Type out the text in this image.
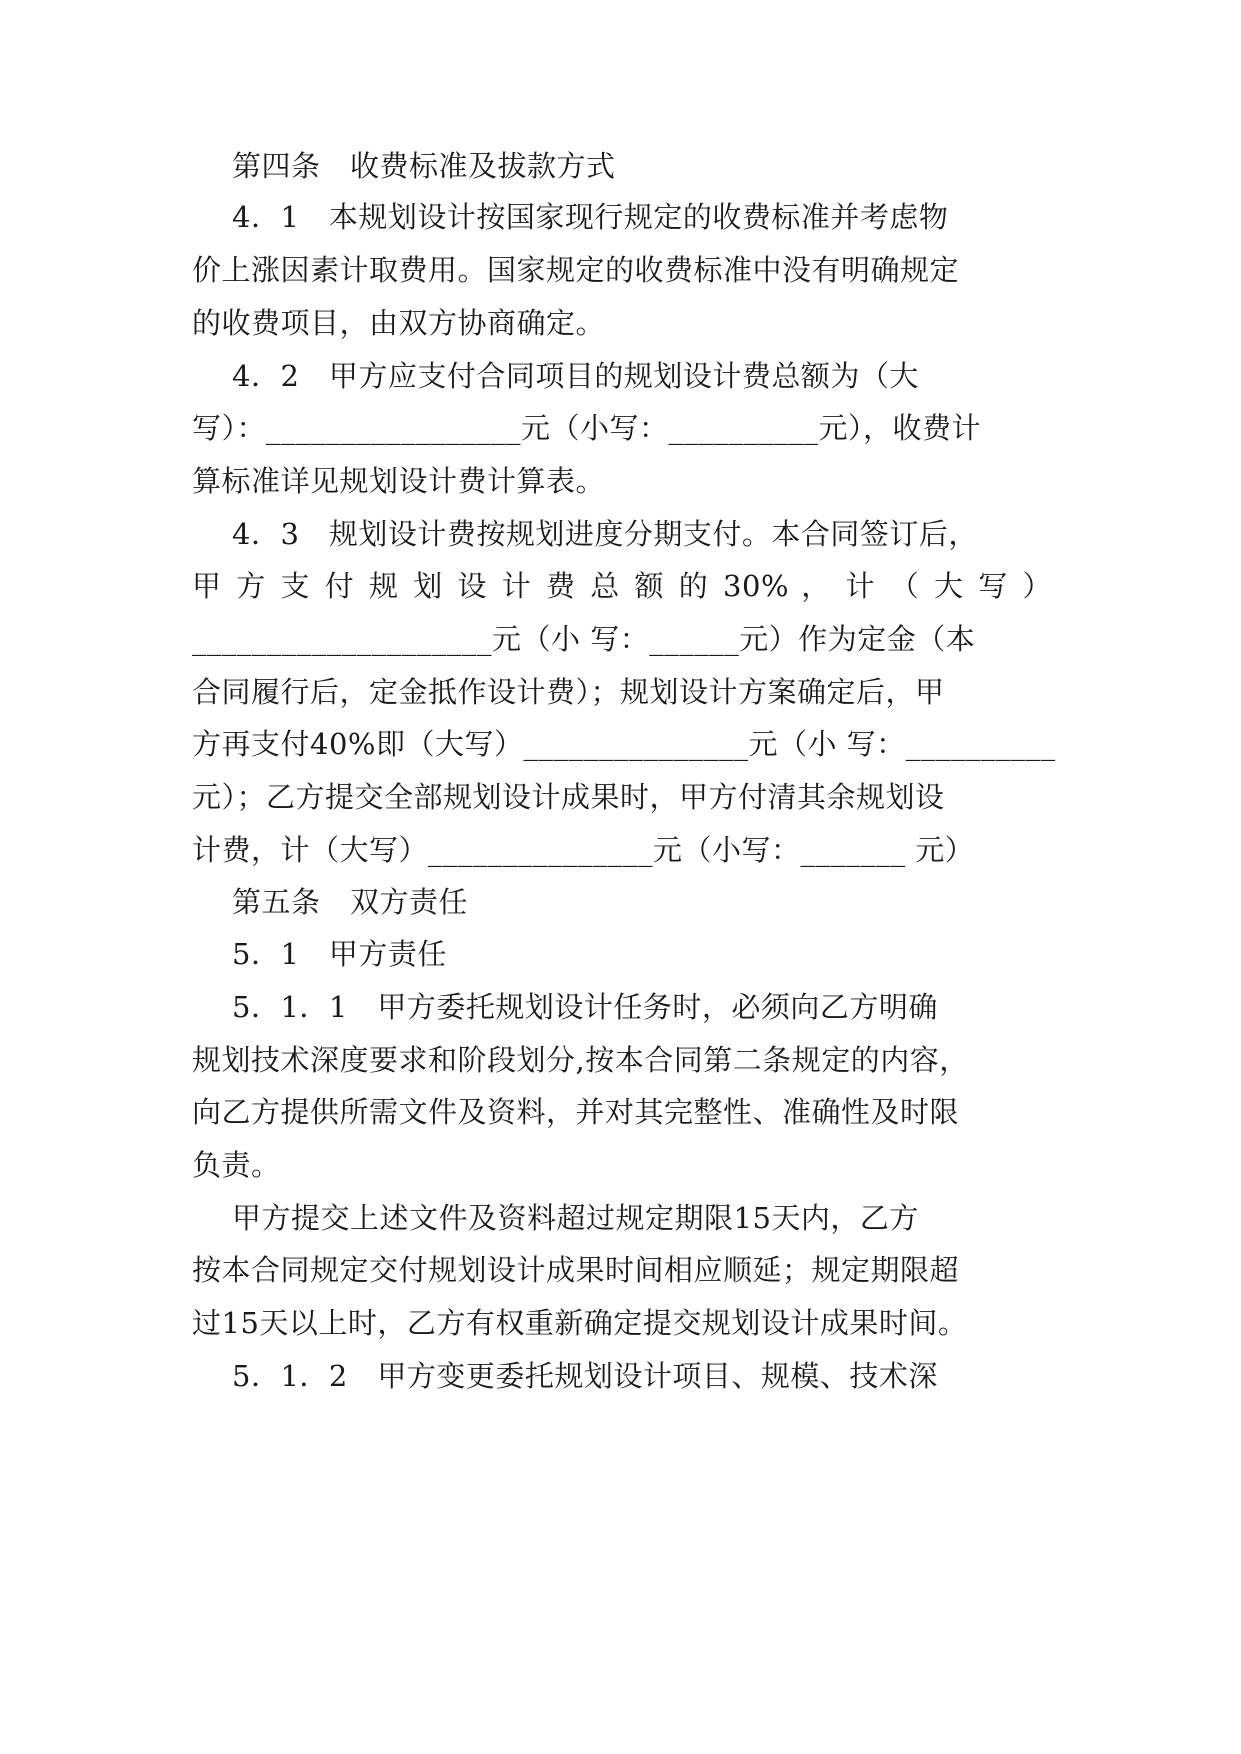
第四条　收费标准及拔款方式
4．1　本规划设计按国家现行规定的收费标准并考虑物
价上涨因素计取费用。国家规定的收费标准中没有明确规定
的收费项目，由双方协商确定。
4．2　甲方应支付合同项目的规划设计费总额为（大
写）：_________________元（小写：__________元），收费计
算标准详见规划设计费计算表。
4．3　规划设计费按规划进度分期支付。本合同签订后，
甲 方 支 付 规 划 设 计 费 总 额 的 30% ， 计 （ 大 写 ）
____________________元（小 写：______元）作为定金（本
合同履行后，定金抵作设计费）；规划设计方案确定后，甲
方再支付40%即（大写）_______________元（小 写：__________
元）；乙方提交全部规划设计成果时，甲方付清其余规划设
计费，计（大写）_______________元（小写：_______ 元）
第五条　双方责任
5．1　甲方责任
5．1．1　甲方委托规划设计任务时，必须向乙方明确
规划技术深度要求和阶段划分,按本合同第二条规定的内容，
向乙方提供所需文件及资料，并对其完整性、准确性及时限
负责。
甲方提交上述文件及资料超过规定期限15天内，乙方
按本合同规定交付规划设计成果时间相应顺延；规定期限超
过15天以上时，乙方有权重新确定提交规划设计成果时间。
5．1．2　甲方变更委托规划设计项目、规模、技术深
